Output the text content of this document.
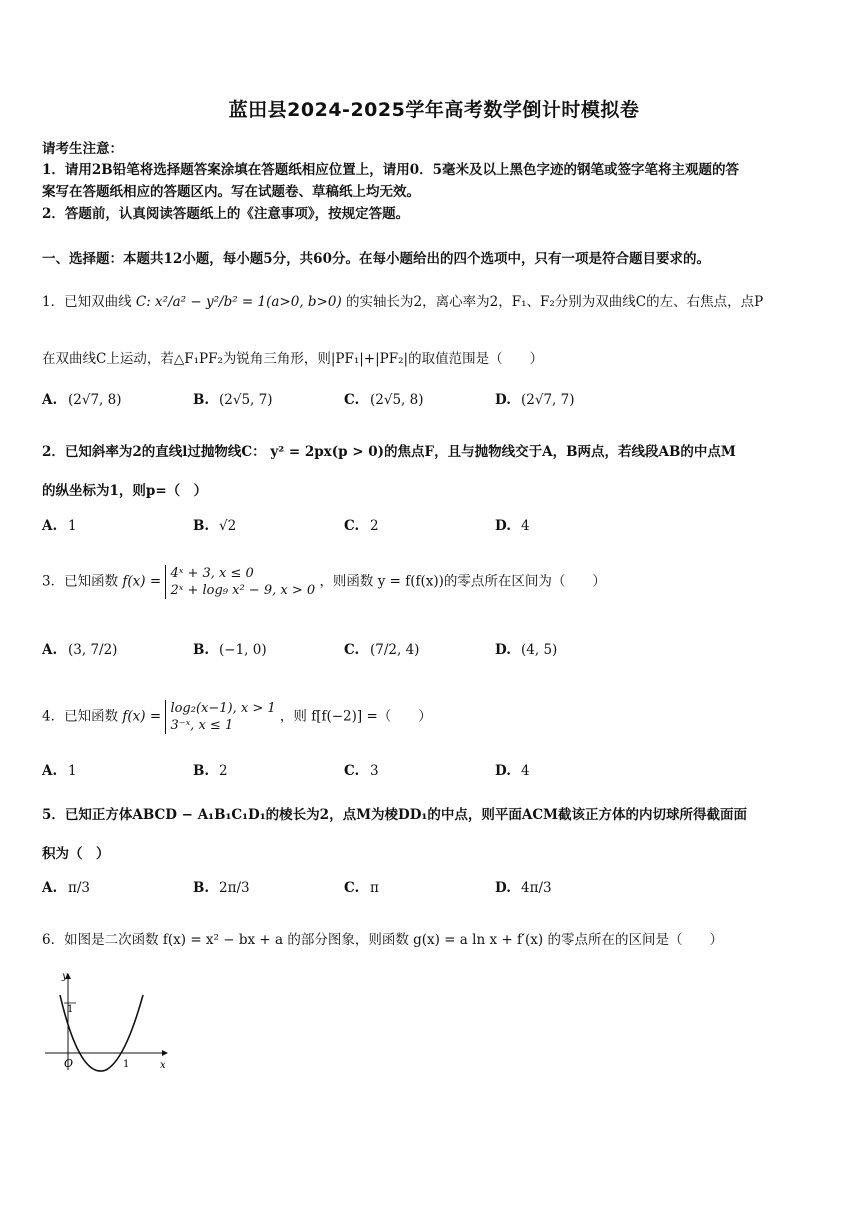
蓝田县2024-2025学年高考数学倒计时模拟卷
请考生注意：
1．请用2B铅笔将选择题答案涂填在答题纸相应位置上，请用0．5毫米及以上黑色字迹的钢笔或签字笔将主观题的答
案写在答题纸相应的答题区内。写在试题卷、草稿纸上均无效。
2．答题前，认真阅读答题纸上的《注意事项》，按规定答题。
一、选择题：本题共12小题，每小题5分，共60分。在每小题给出的四个选项中，只有一项是符合题目要求的。
1．已知双曲线 C: x²/a² − y²/b² = 1(a>0, b>0) 的实轴长为2，离心率为2，F₁、F₂分别为双曲线C的左、右焦点，点P
在双曲线C上运动，若△F₁PF₂为锐角三角形，则|PF₁|+|PF₂|的取值范围是（　　）
A. (2√7, 8)	B. (2√5, 7)	C. (2√5, 8)	D. (2√7, 7)
2．已知斜率为2的直线l过抛物线C： y² = 2px(p > 0)的焦点F，且与抛物线交于A，B两点，若线段AB的中点M
的纵坐标为1，则p=（　）
A. 1	B. √2	C. 2	D. 4
3．已知函数 f(x) = 4ˣ + 3, x ≤ 0
2ˣ + log₉ x² − 9, x > 0
，则函数 y = f(f(x))的零点所在区间为（　　）
A. (3, 7/2)	B. (−1, 0)	C. (7/2, 4)	D. (4, 5)
4．已知函数 f(x) = log₂(x−1), x > 1
3⁻ˣ, x ≤ 1
，则 f[f(−2)] =（　　）
A. 1	B. 2	C. 3	D. 4
5．已知正方体ABCD − A₁B₁C₁D₁的棱长为2，点M为棱DD₁的中点，则平面ACM截该正方体的内切球所得截面面
积为（　）
A. π/3	B. 2π/3	C. π	D. 4π/3
6．如图是二次函数 f(x) = x² − bx + a 的部分图象，则函数 g(x) = a ln x + f′(x) 的零点所在的区间是（　　）
y
x
O
1
1
